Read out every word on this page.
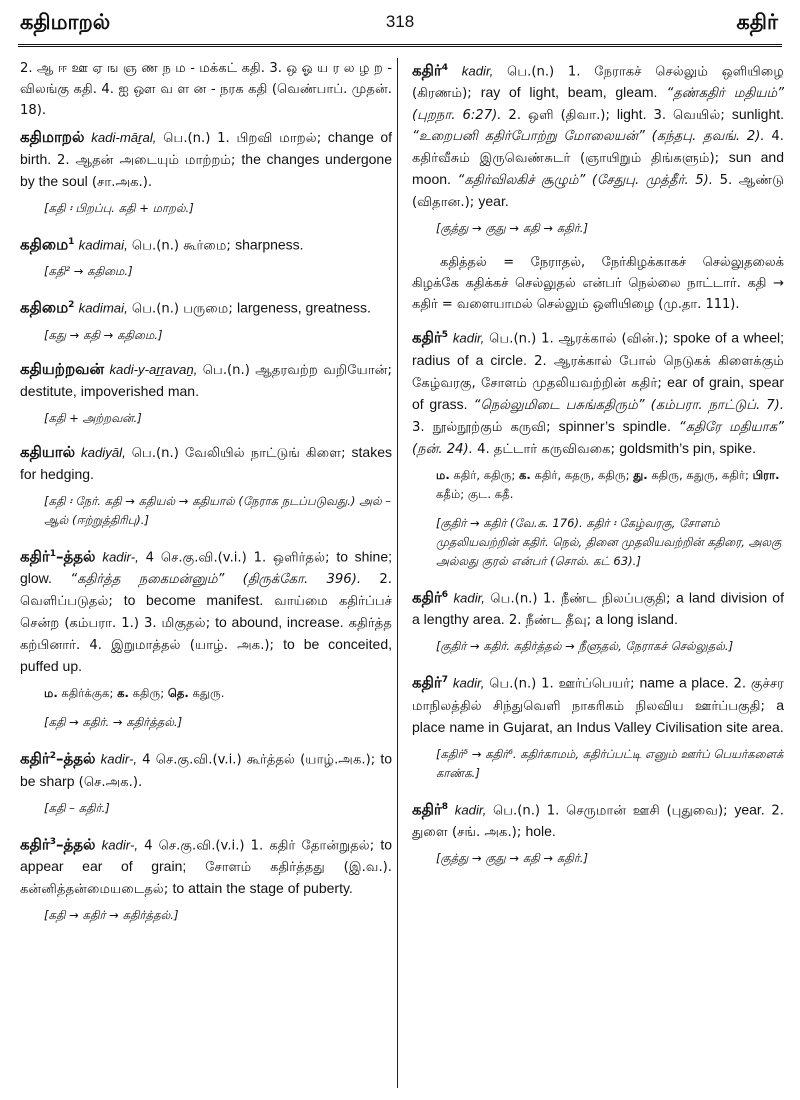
கதிமாறல்	318	கதிர்

2. ஆ ஈ ஊ ஏ ங ஞ ண ந ம - மக்கட் கதி. 3. ஒ ஓ ய ர ல ழ ற - விலங்கு கதி. 4. ஐ ஔ வ ள ன - நரக கதி (வெண்பாப். முதன். 18).

கதிமாறல் kadi-māṟal, பெ.(n.) 1. பிறவி மாறல்; change of birth. 2. ஆதன் அடையும் மாற்றம்; the changes undergone by the soul (சா.அக.).

[கதி ፡ பிறப்பு. கதி + மாறல்.]

கதிமை$^1$ kadimai, பெ.(n.) கூர்மை; sharpness.

[கதி² → கதிமை.]

கதிமை$^2$ kadimai, பெ.(n.) பருமை; largeness, greatness.

[கது → கதி → கதிமை.]

கதியற்றவன் kadi-y-aṟṟavaṉ, பெ.(n.) ஆதரவற்ற வறியோன்; destitute, impoverished man.

[கதி + அற்றவன்.]

கதியால் kadiyāl, பெ.(n.) வேலியில் நாட்டுங் கிளை; stakes for hedging.

[கதி ፡ நேர். கதி → கதியல் → கதியால் (நேராக நடப்படுவது.) அல் – ஆல் (ஈற்றுத்திரிபு).]

கதிர்$^1$–த்தல் kadir-, 4 செ.கு.வி.(v.i.) 1. ஒளிர்தல்; to shine; glow. “கதிர்த்த நகைமன்னும்” (திருக்கோ. 396). 2. வெளிப்படுதல்; to become manifest. வாய்மை கதிர்ப்பச் சென்ற (கம்பரா. 1.) 3. மிகுதல்; to abound, increase. கதிர்த்த கற்பினார். 4. இறுமாத்தல் (யாழ். அக.); to be conceited, puffed up.

ம. கதிர்க்குக; க. கதிரு; தெ. கதுரு.
[கதி → கதிர். → கதிர்த்தல்.]

கதிர்$^2$–த்தல் kadir-, 4 செ.கு.வி.(v.i.) கூர்த்தல் (யாழ்.அக.); to be sharp (செ.அக.).

[கதி – கதிர்.]

கதிர்$^3$–த்தல் kadir-, 4 செ.கு.வி.(v.i.) 1. கதிர் தோன்றுதல்; to appear ear of grain; சோளம் கதிர்த்தது (இ.வ.). கன்னித்தன்மையடைதல்; to attain the stage of puberty.

[கதி → கதிர் → கதிர்த்தல்.]

கதிர்$^4$ kadir, பெ.(n.) 1. நேராகச் செல்லும் ஒளியிழை (கிரணம்); ray of light, beam, gleam. “தண்கதிர் மதியம்” (புறநா. 6:27). 2. ஒளி (திவா.); light. 3. வெயில்; sunlight. “உறைபனி கதிர்போற்று மோலையன்” (கந்தபு. தவங். 2). 4. கதிர்வீசும் இருவெண்சுடர் (ஞாயிறும் திங்களும்); sun and moon. “கதிர்விலகிச் சூழும்” (சேதுபு. முத்தீர். 5). 5. ஆண்டு (விதான.); year.

[குத்து → குது → கதி → கதிர்.]

கதித்தல் = நேராதல், நேர்கிழக்காகச் செல்லுதலைக் கிழக்கே கதிக்கச் செல்லுதல் என்பர் நெல்லை நாட்டார். கதி → கதிர் = வளையாமல் செல்லும் ஒளியிழை (மு.தா. 111).

கதிர்$^5$ kadir, பெ.(n.) 1. ஆரக்கால் (வின்.); spoke of a wheel; radius of a circle. 2. ஆரக்கால் போல் நெடுகக் கிளைக்கும் கேழ்வரகு, சோளம் முதலியவற்றின் கதிர்; ear of grain, spear of grass. “நெல்லுமிடை பசுங்கதிரும்” (கம்பரா. நாட்டுப். 7). 3. நூல்நூற்கும் கருவி; spinner’s spindle. “கதிரே மதியாக” (நன். 24). 4. தட்டார் கருவிவகை; goldsmith’s pin, spike.

ம. கதிர், கதிரு; க. கதிர், கதரு, கதிரு; து. கதிரு, கதுரு, கதிர்; பிரா. கதீம்; குட. கதீ.
[குதிர் → கதிர் (வே.க. 176). கதிர் ፡ கேழ்வரகு, சோளம் முதலியவற்றின் கதிர். நெல், தினை முதலியவற்றின் கதிரை, அலகு அல்லது குரல் என்பர் (சொல். கட் 63).]

கதிர்$^6$ kadir, பெ.(n.) 1. நீண்ட நிலப்பகுதி; a land division of a lengthy area. 2. நீண்ட தீவு; a long island.

[குதிர் → கதிர். கதிர்த்தல் → நீளுதல், நேராகச் செல்லுதல்.]

கதிர்$^7$ kadir, பெ.(n.) 1. ஊர்ப்பெயர்; name a place. 2. குச்சர மாநிலத்தில் சிந்துவெளி நாகரிகம் நிலவிய ஊர்ப்பகுதி; a place name in Gujarat, an Indus Valley Civilisation site area.

[கதிர்⁵ → கதிர்⁶. கதிர்காமம், கதிர்ப்பட்டி எனும் ஊர்ப் பெயர்களைக் காண்க.]

கதிர்$^8$ kadir, பெ.(n.) 1. செருமான் ஊசி (புதுவை); year. 2. துளை (சங். அக.); hole.

[குத்து → குது → கதி → கதிர்.]
